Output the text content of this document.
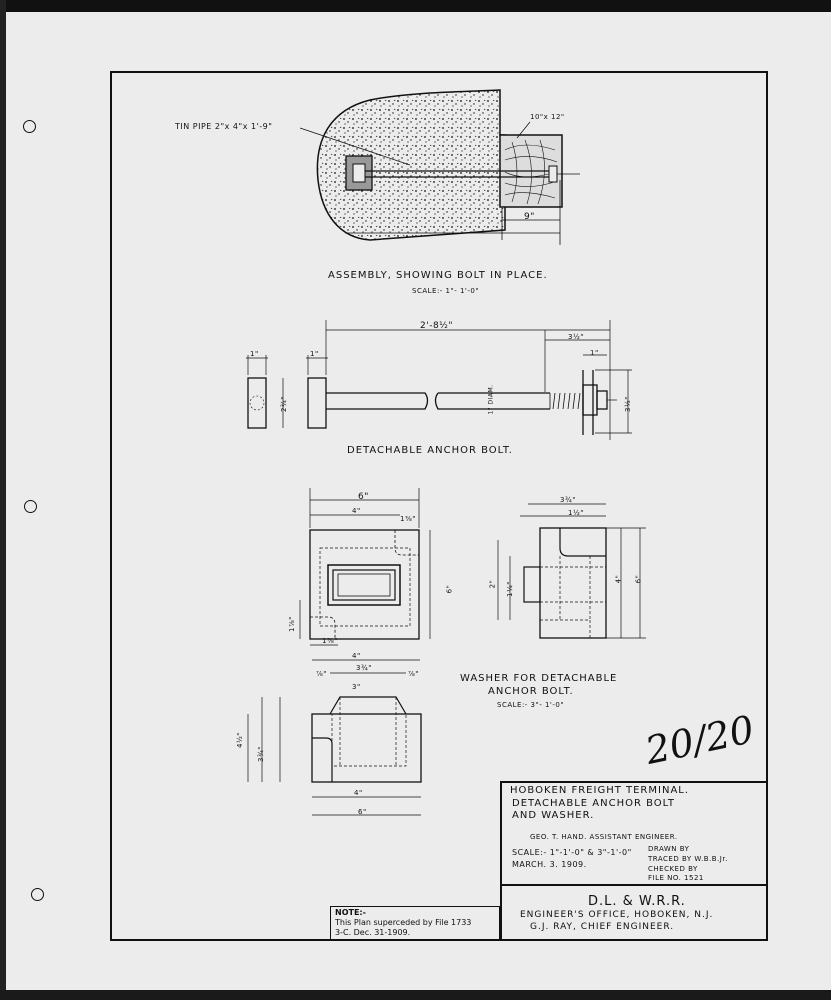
TIN PIPE 2"x 4"x 1'-9"
10"x 12"
9"
ASSEMBLY, SHOWING BOLT IN PLACE.
SCALE:- 1"- 1'-0"
2'-8½"
3½"
1"	1"
2¾"	3½"
1"
1" DIAM.
DETACHABLE ANCHOR BOLT.
6"
4"
1⅜"
6"
1⅞"
1⅜"
3¾"
1½"
4" 6"
2" 1¼"
4"
3¾"
3"
⅞"	⅞"
4"
6"
4½"
3¾"
WASHER FOR DETACHABLE
ANCHOR BOLT.
SCALE:- 3"- 1'-0"
20/20
HOBOKEN FREIGHT TERMINAL.
DETACHABLE ANCHOR BOLT
AND WASHER.
GEO. T. HAND. ASSISTANT ENGINEER.
SCALE:- 1"-1'-0" & 3"-1'-0"
MARCH. 3. 1909.
DRAWN BY
TRACED BY W.B.B.Jr.
CHECKED BY
FILE NO. 1521
D.L. & W.R.R.
ENGINEER'S OFFICE, HOBOKEN, N.J.
G.J. RAY, CHIEF ENGINEER.
NOTE:-
This Plan superceded by File 1733
3-C. Dec. 31-1909.
